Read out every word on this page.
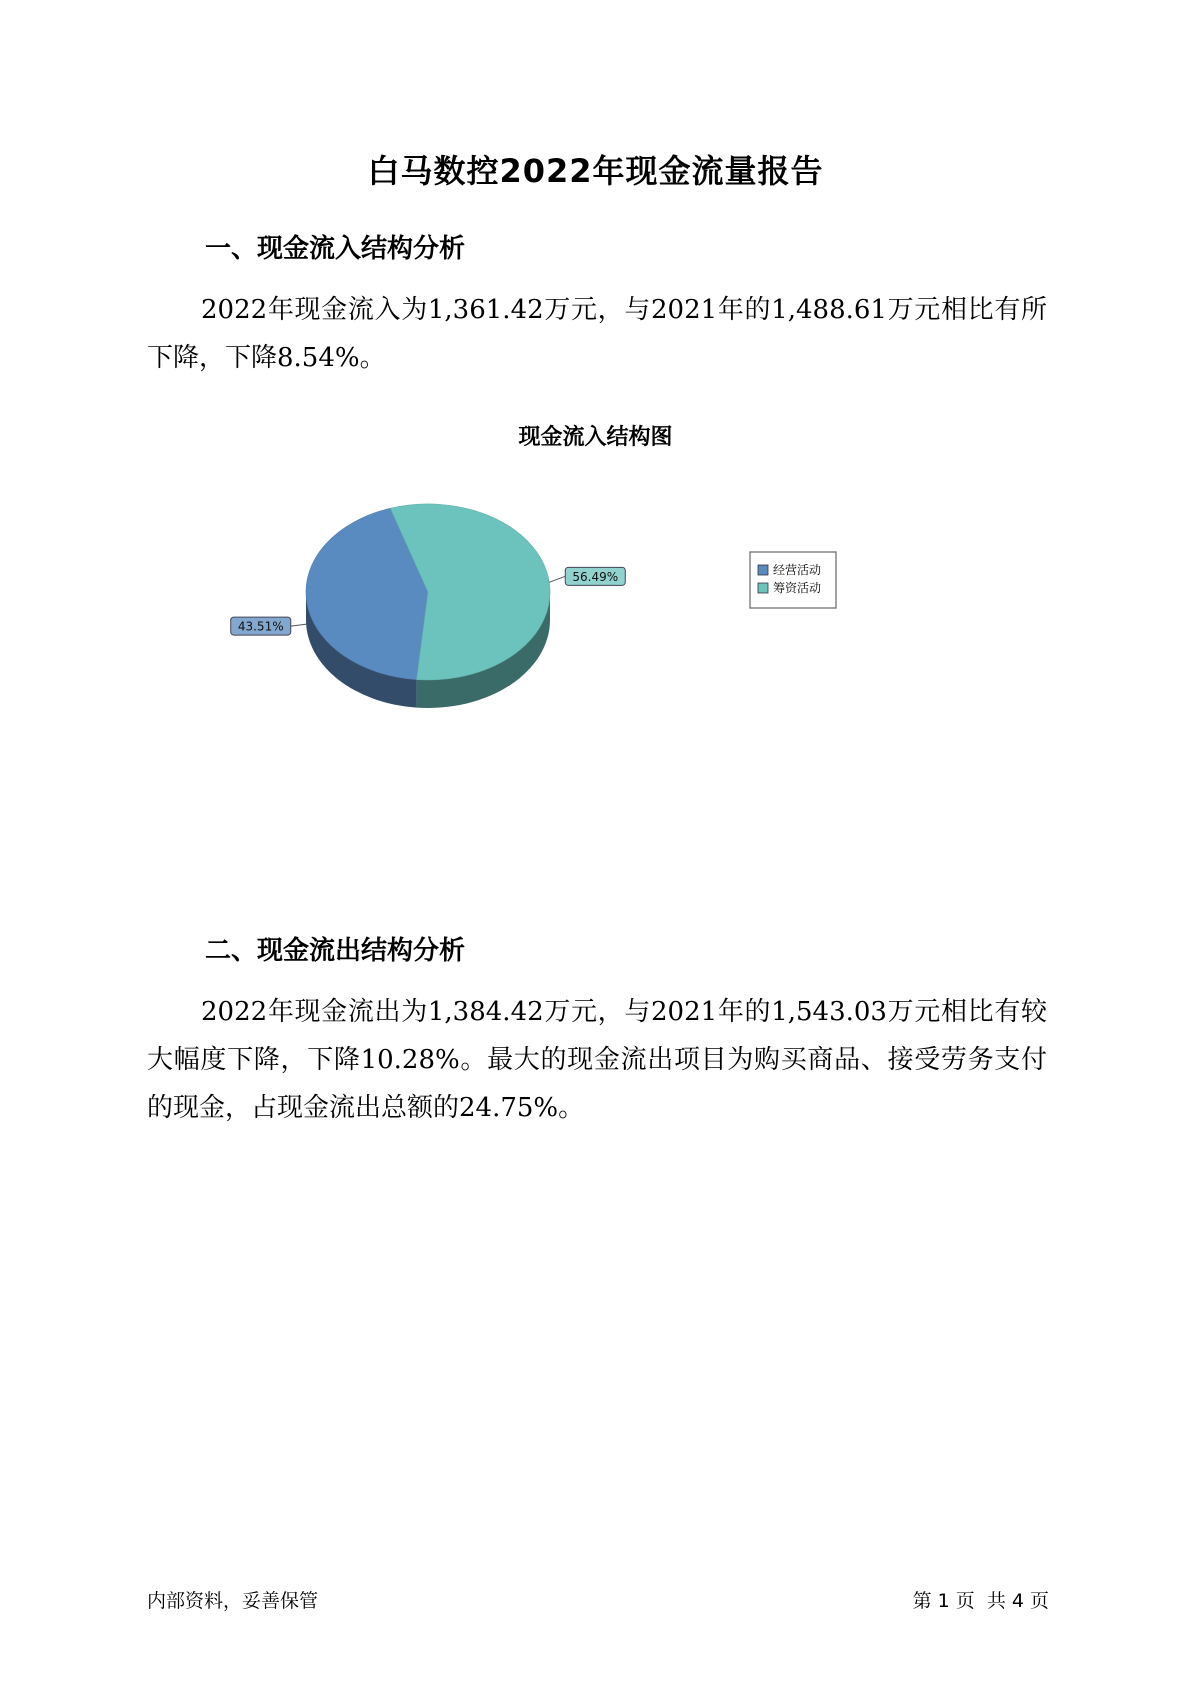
白马数控2022年现金流量报告
一、现金流入结构分析
2022年现金流入为1,361.42万元，与2021年的1,488.61万元相比有所下降，下降8.54%。
现金流入结构图
经营活动
筹资活动
43.51%
56.49%
二、现金流出结构分析
2022年现金流出为1,384.42万元，与2021年的1,543.03万元相比有较大幅度下降，下降10.28%。最大的现金流出项目为购买商品、接受劳务支付的现金，占现金流出总额的24.75%。
内部资料，妥善保管	第 1 页  共 4 页
